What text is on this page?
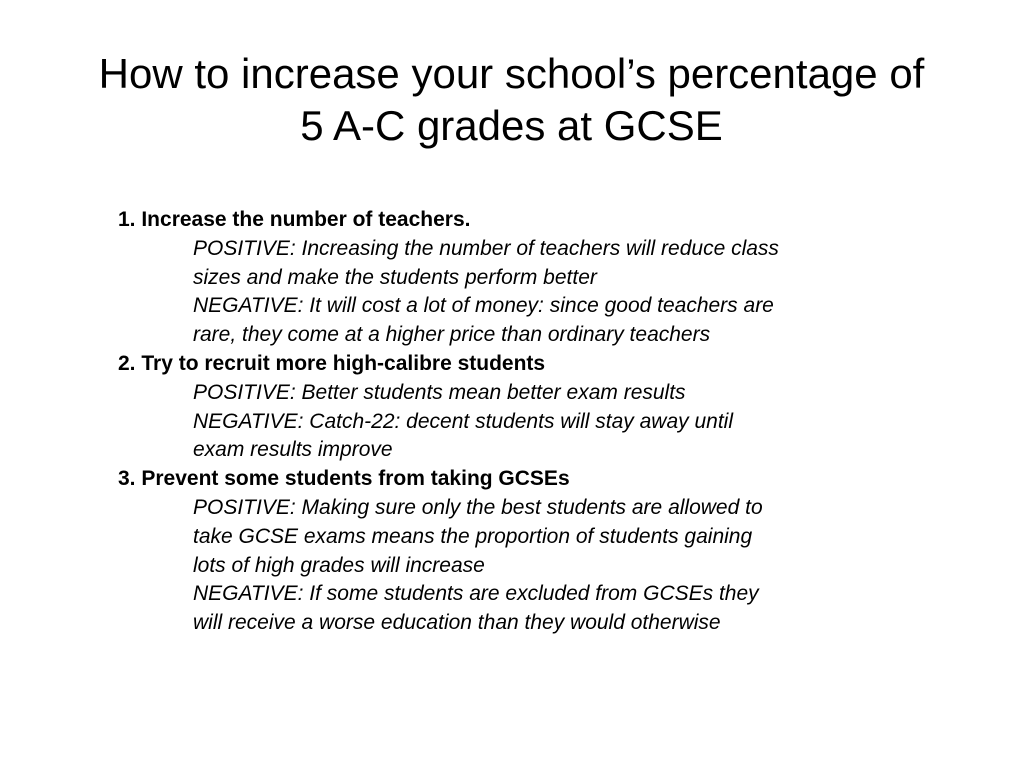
How to increase your school’s percentage of
5 A-C grades at GCSE
1. Increase the number of teachers.
POSITIVE: Increasing the number of teachers will reduce class
sizes and make the students perform better
NEGATIVE: It will cost a lot of money: since good teachers are
rare, they come at a higher price than ordinary teachers
2. Try to recruit more high-calibre students
POSITIVE: Better students mean better exam results
NEGATIVE: Catch-22: decent students will stay away until
exam results improve
3. Prevent some students from taking GCSEs
POSITIVE: Making sure only the best students are allowed to
take GCSE exams means the proportion of students gaining
lots of high grades will increase
NEGATIVE: If some students are excluded from GCSEs they
will receive a worse education than they would otherwise
